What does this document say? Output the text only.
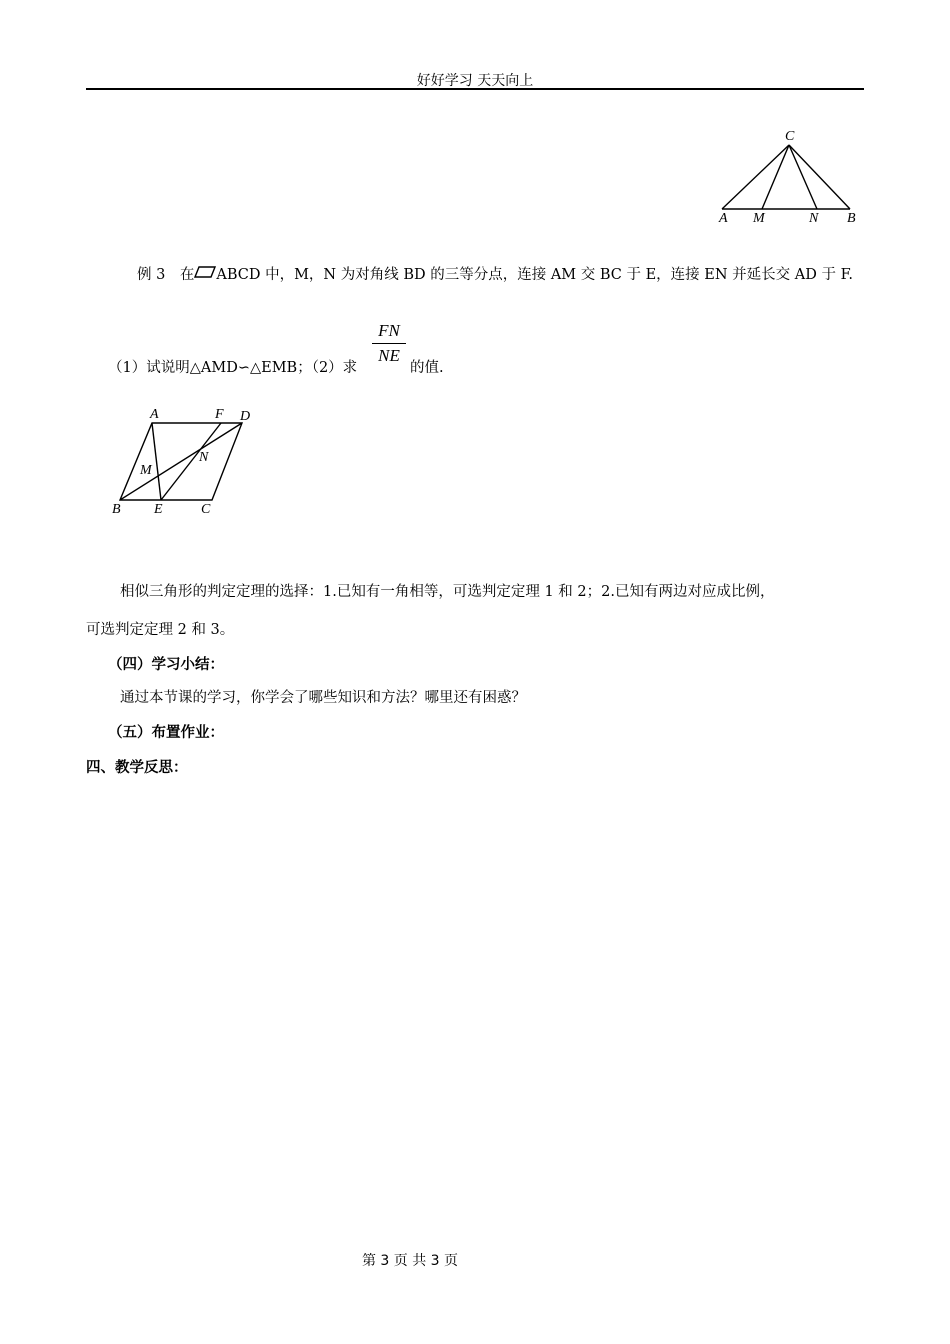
好好学习 天天向上
C
A M	N B
例 3　在 ABCD 中，M，N 为对角线 BD 的三等分点，连接 AM 交 BC 于 E，连接 EN 并延长交 AD 于 F.
（1）试说明△AMD∽△EMB；（2）求
FN
NE
的值.
A	F D
M
N
B E	C
相似三角形的判定定理的选择：1.已知有一角相等，可选判定定理 1 和 2；2.已知有两边对应成比例，
可选判定定理 2 和 3。
（四）学习小结：
通过本节课的学习，你学会了哪些知识和方法？哪里还有困惑？
（五）布置作业：
四、教学反思：
第 3 页 共 3 页
